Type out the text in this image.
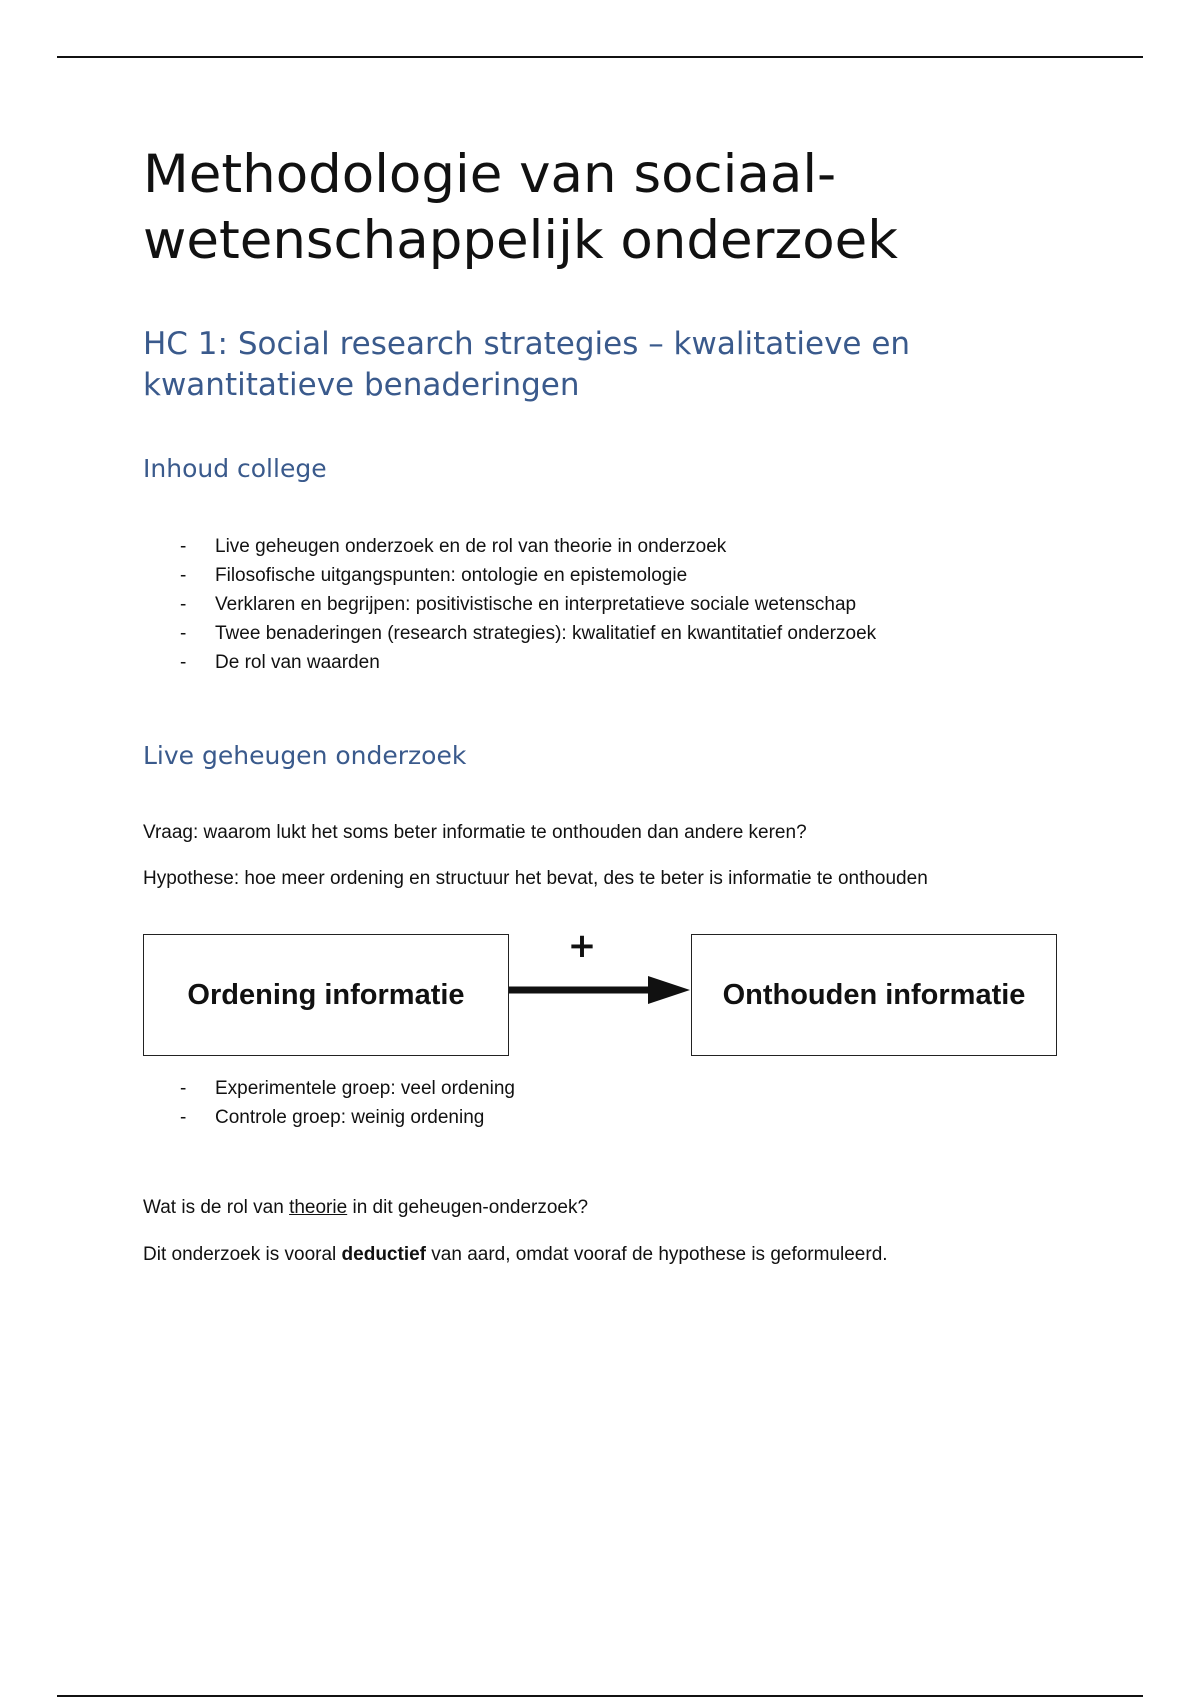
Methodologie van sociaal-
wetenschappelijk onderzoek
HC 1: Social research strategies – kwalitatieve en
kwantitatieve benaderingen
Inhoud college
- Live geheugen onderzoek en de rol van theorie in onderzoek
- Filosofische uitgangspunten: ontologie en epistemologie
- Verklaren en begrijpen: positivistische en interpretatieve sociale wetenschap
- Twee benaderingen (research strategies): kwalitatief en kwantitatief onderzoek
- De rol van waarden
Live geheugen onderzoek

Vraag: waarom lukt het soms beter informatie te onthouden dan andere keren?

Hypothese: hoe meer ordening en structuur het bevat, des te beter is informatie te onthouden

Ordening informatie
+
Onthouden informatie
- Experimentele groep: veel ordening
- Controle groep: weinig ordening

Wat is de rol van theorie in dit geheugen-onderzoek?

Dit onderzoek is vooral deductief van aard, omdat vooraf de hypothese is geformuleerd.
